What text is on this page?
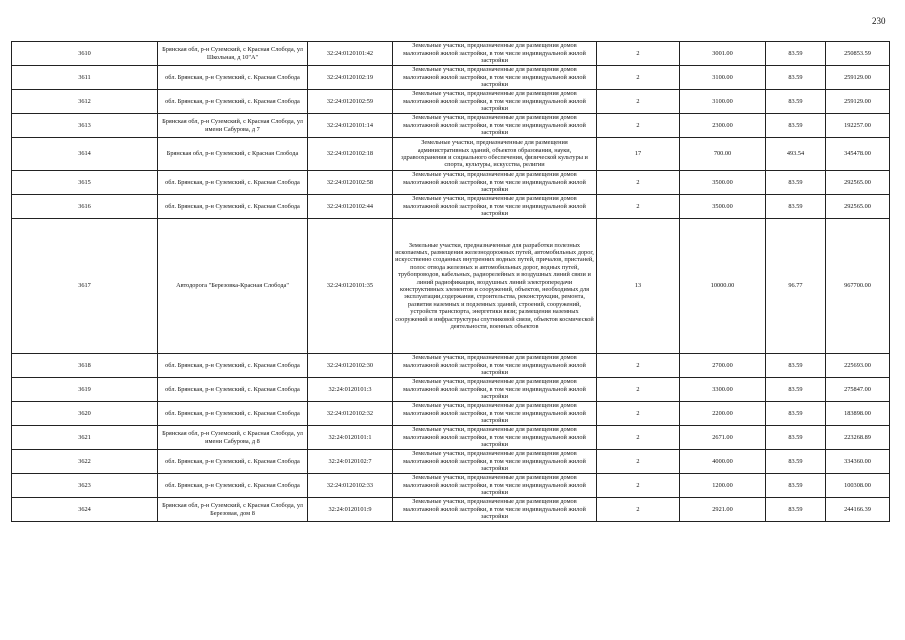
230
3610	Брянская обл, р-н Суземский, с Красная Слобода, ул Школьная, д 10"А"	32:24:0120101:42	Земельные участки, предназначенные для размещения домов малоэтажной жилой застройки, в том числе индивидуальной жилой застройки	2	3001.00	83.59	250853.59
3611	обл. Брянская, р-н Суземский, с. Красная Слобода	32:24:0120102:19	Земельные участки, предназначенные для размещения домов малоэтажной жилой застройки, в том числе индивидуальной жилой застройки	2	3100.00	83.59	259129.00
3612	обл. Брянская, р-н Суземский, с. Красная Слобода	32:24:0120102:59	Земельные участки, предназначенные для размещения домов малоэтажной жилой застройки, в том числе индивидуальной жилой застройки	2	3100.00	83.59	259129.00
3613	Брянская обл, р-н Суземский, с Красная Слобода, ул имени Сабурова, д 7	32:24:0120101:14	Земельные участки, предназначенные для размещения домов малоэтажной жилой застройки, в том числе индивидуальной жилой застройки	2	2300.00	83.59	192257.00
3614	Брянская обл, р-н Суземский, с Красная Слобода	32:24:0120102:18	Земельные участки, предназначенные для размещения административных зданий, объектов образования, науки, здравоохранения и социального обеспечения, физической культуры и спорта, культуры, искусства, религии	17	700.00	493.54	345478.00
3615	обл. Брянская, р-н Суземский, с. Красная Слобода	32:24:0120102:58	Земельные участки, предназначенные для размещения домов малоэтажной жилой застройки, в том числе индивидуальной жилой застройки	2	3500.00	83.59	292565.00
3616	обл. Брянская, р-н Суземский, с. Красная Слобода	32:24:0120102:44	Земельные участки, предназначенные для размещения домов малоэтажной жилой застройки, в том числе индивидуальной жилой застройки	2	3500.00	83.59	292565.00
3617	Автодорога "Березовка-Красная Слобода"	32:24:0120101:35	Земельные участки, предназначенные для разработки полезных ископаемых, размещения железнодорожных путей, автомобильных дорог, искусственно созданных внутренних водных путей, причалов, пристаней, полос отвода железных и автомобильных дорог, водных путей, трубопроводов, кабельных, радиорелейных и воздушных линий связи и линий радиофикации, воздушных линий электропередачи конструктивных элементов и сооружений, объектов, необходимых для эксплуатации,содержания, строительства, реконструкции, ремонта, развития наземных и подземных зданий, строений, сооружений, устройств транспорта, энергетики вязи; размещения наземных сооружений и инфраструктуры спутниковой связи, объектов космической деятельности, военных объектов	13	10000.00	96.77	967700.00
3618	обл. Брянская, р-н Суземский, с. Красная Слобода	32:24:0120102:30	Земельные участки, предназначенные для размещения домов малоэтажной жилой застройки, в том числе индивидуальной жилой застройки	2	2700.00	83.59	225693.00
3619	обл. Брянская, р-н Суземский, с. Красная Слобода	32:24:0120101:3	Земельные участки, предназначенные для размещения домов малоэтажной жилой застройки, в том числе индивидуальной жилой застройки	2	3300.00	83.59	275847.00
3620	обл. Брянская, р-н Суземский, с. Красная Слобода	32:24:0120102:32	Земельные участки, предназначенные для размещения домов малоэтажной жилой застройки, в том числе индивидуальной жилой застройки	2	2200.00	83.59	183898.00
3621	Брянская обл, р-н Суземский, с Красная Слобода, ул имени Сабурова, д 8	32:24:0120101:1	Земельные участки, предназначенные для размещения домов малоэтажной жилой застройки, в том числе индивидуальной жилой застройки	2	2671.00	83.59	223268.89
3622	обл. Брянская, р-н Суземский, с. Красная Слобода	32:24:0120102:7	Земельные участки, предназначенные для размещения домов малоэтажной жилой застройки, в том числе индивидуальной жилой застройки	2	4000.00	83.59	334360.00
3623	обл. Брянская, р-н Суземский, с. Красная Слобода	32:24:0120102:33	Земельные участки, предназначенные для размещения домов малоэтажной жилой застройки, в том числе индивидуальной жилой застройки	2	1200.00	83.59	100308.00
3624	Брянская обл, р-н Суземский, с Красная Слобода, ул Березовая, дом 8	32:24:0120101:9	Земельные участки, предназначенные для размещения домов малоэтажной жилой застройки, в том числе индивидуальной жилой застройки	2	2921.00	83.59	244166.39
